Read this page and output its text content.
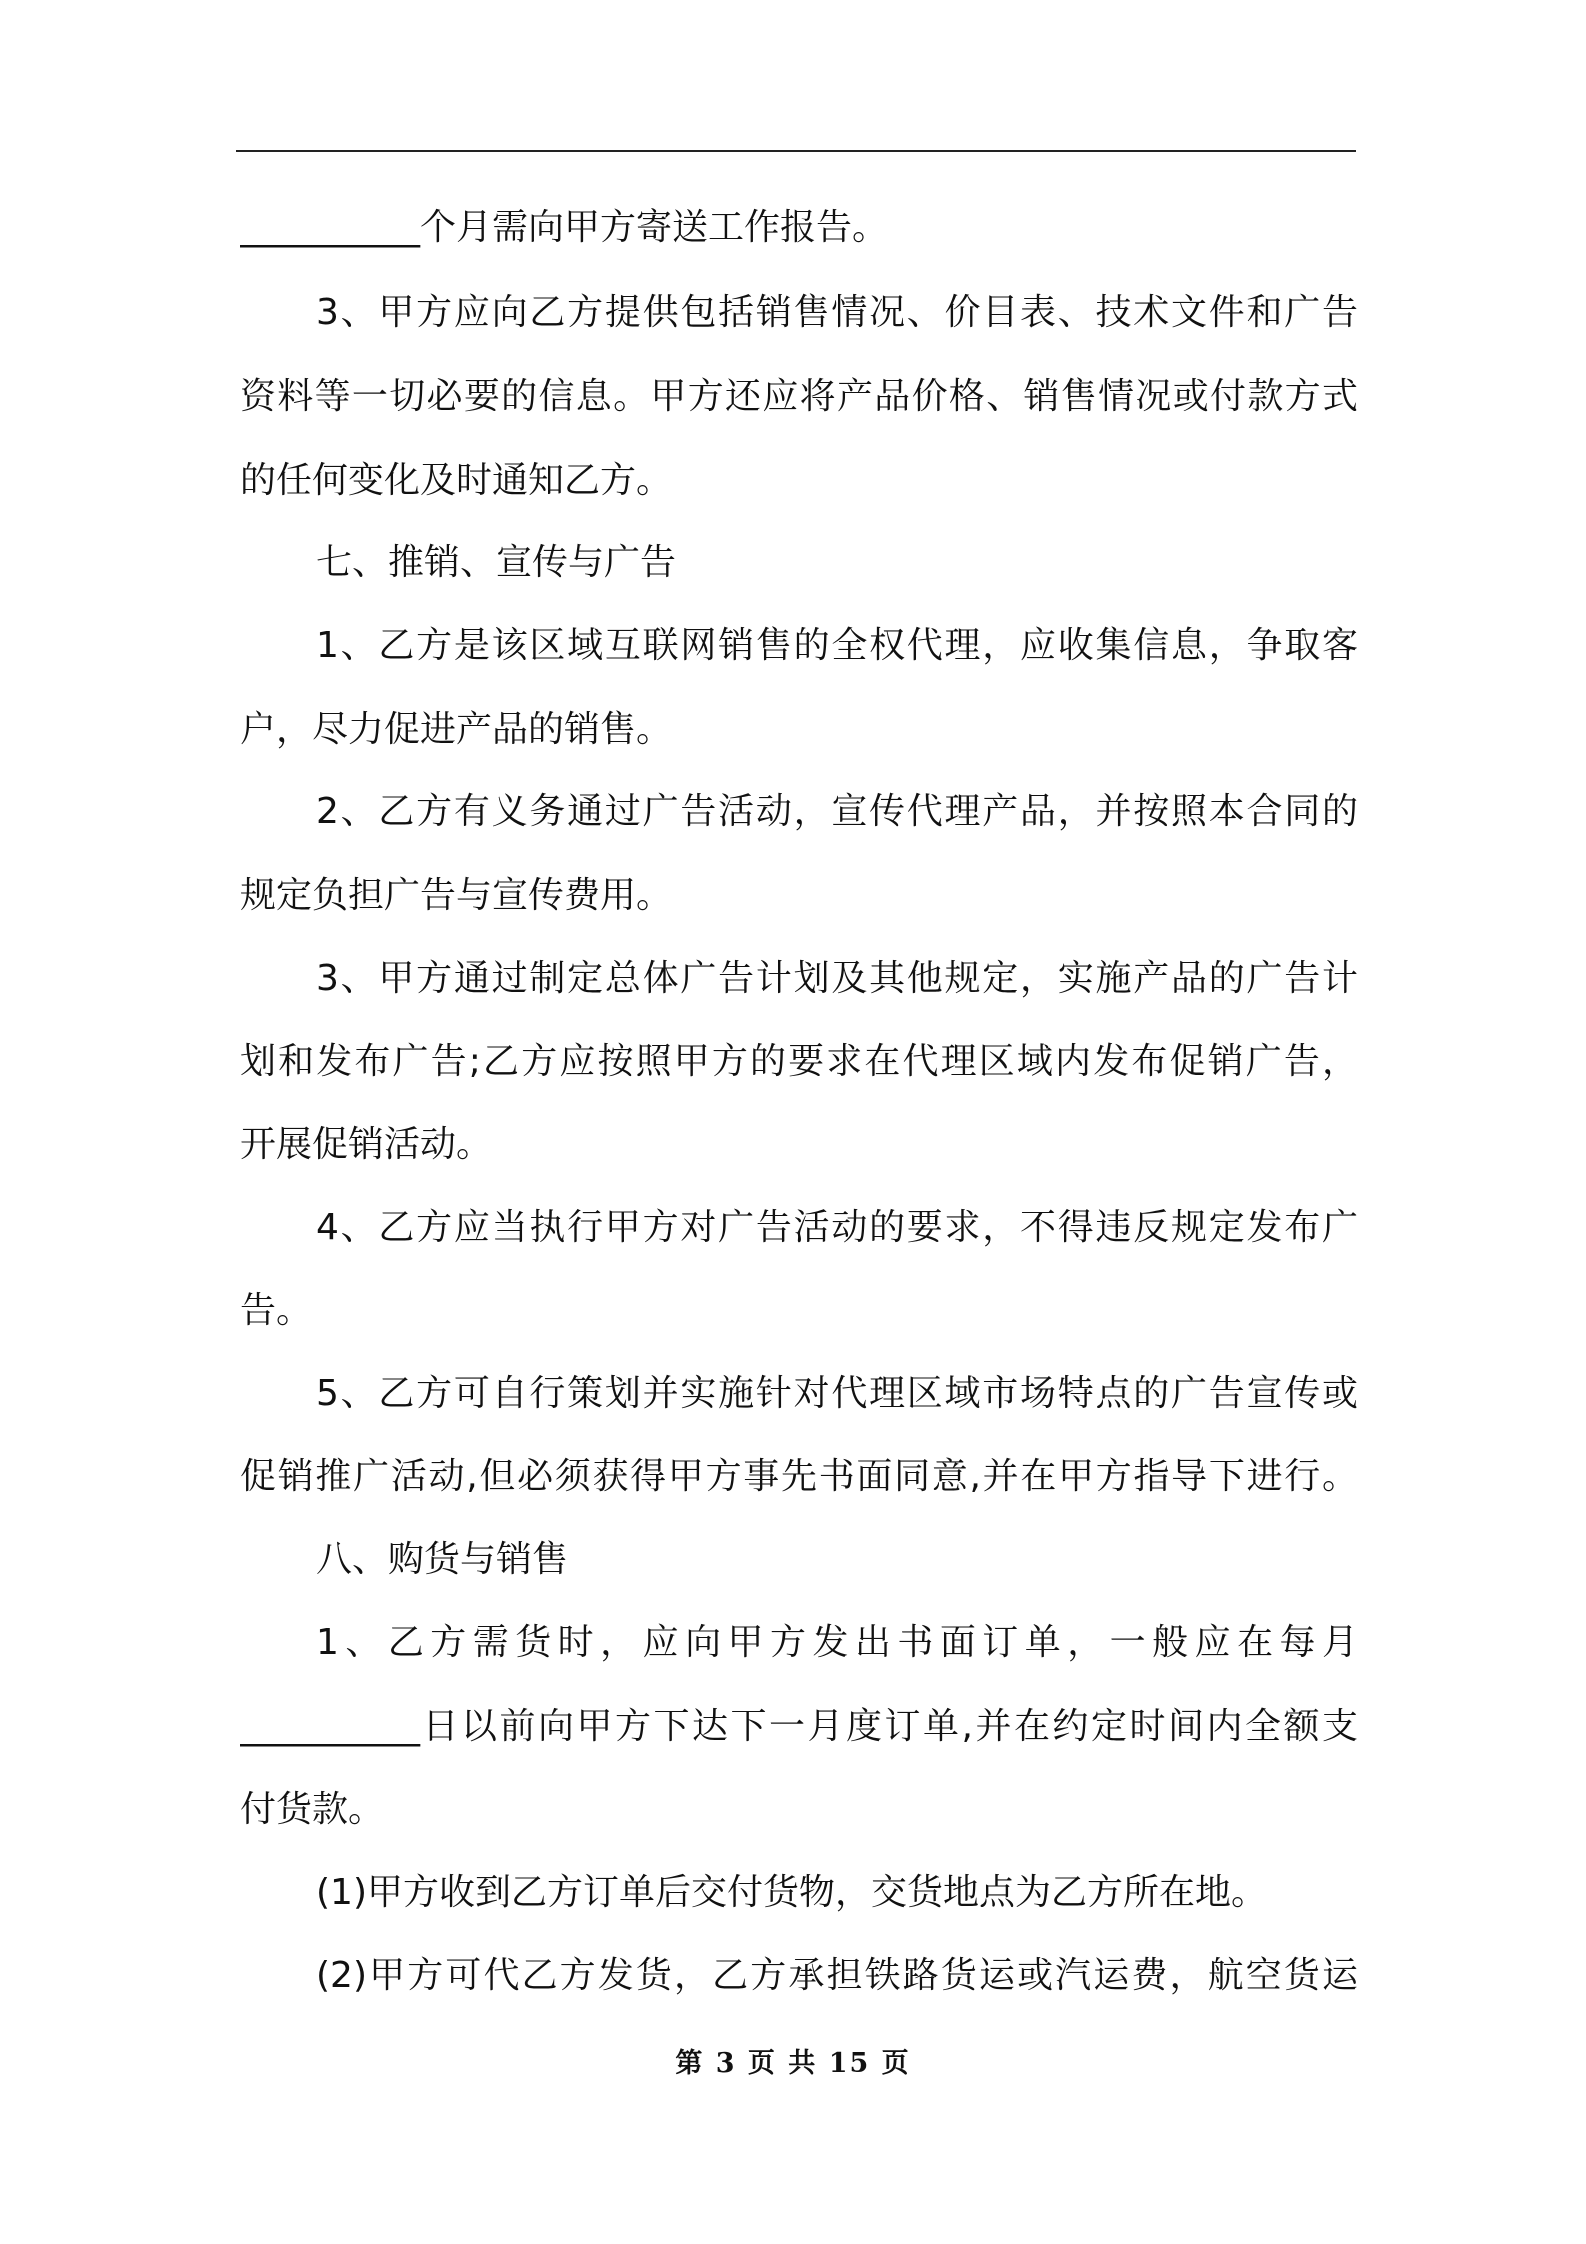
__________个月需向甲方寄送工作报告。
3、甲方应向乙方提供包括销售情况、价目表、技术文件和广告
资料等一切必要的信息。甲方还应将产品价格、销售情况或付款方式
的任何变化及时通知乙方。
七、推销、宣传与广告
1、乙方是该区域互联网销售的全权代理，应收集信息，争取客
户，尽力促进产品的销售。
2、乙方有义务通过广告活动，宣传代理产品，并按照本合同的
规定负担广告与宣传费用。
3、甲方通过制定总体广告计划及其他规定，实施产品的广告计
划和发布广告;乙方应按照甲方的要求在代理区域内发布促销广告，
开展促销活动。
4、乙方应当执行甲方对广告活动的要求，不得违反规定发布广
告。
5、乙方可自行策划并实施针对代理区域市场特点的广告宣传或
促销推广活动,但必须获得甲方事先书面同意,并在甲方指导下进行。
八、购货与销售
1、乙方需货时，应向甲方发出书面订单，一般应在每月
__________日以前向甲方下达下一月度订单,并在约定时间内全额支
付货款。
(1)甲方收到乙方订单后交付货物，交货地点为乙方所在地。
(2)甲方可代乙方发货，乙方承担铁路货运或汽运费，航空货运
第 3 页 共 15 页
